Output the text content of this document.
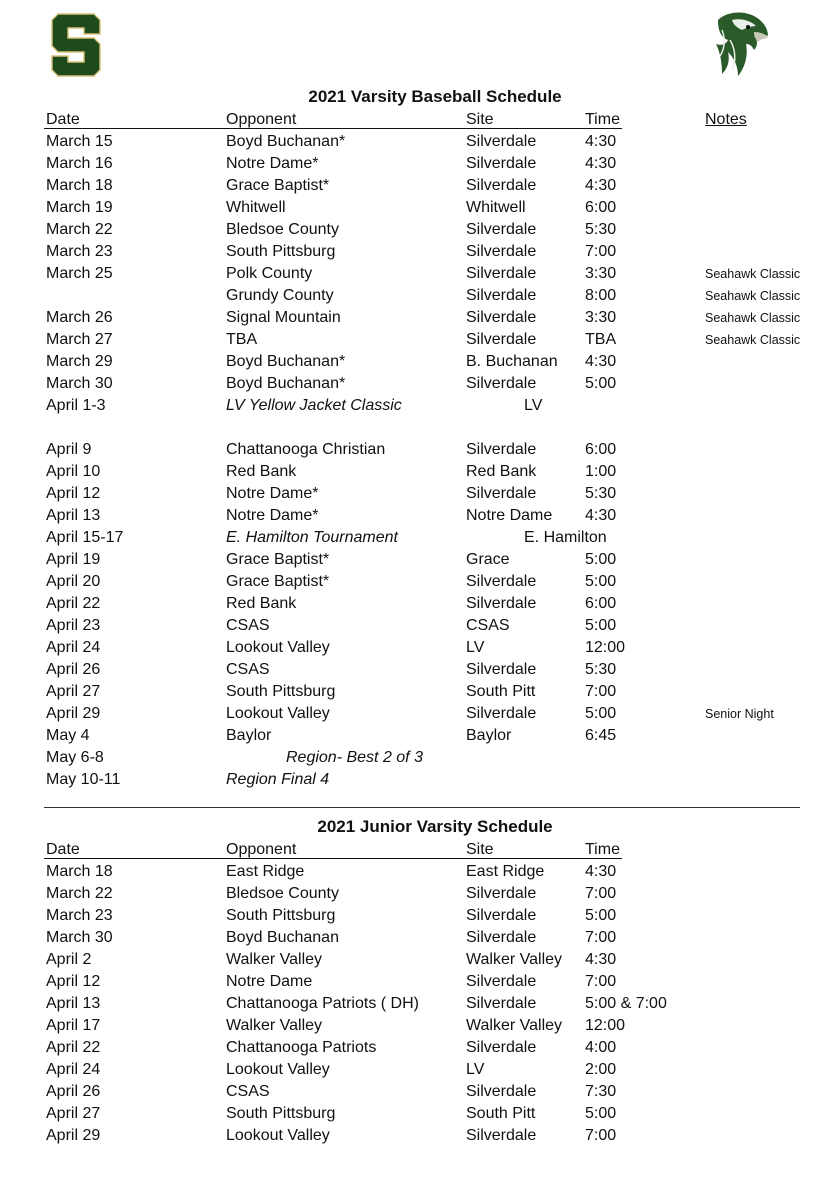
2021 Varsity Baseball Schedule
Date	Opponent	Site	Time	Notes
March 15	Boyd Buchanan*	Silverdale	4:30
March 16	Notre Dame*	Silverdale	4:30
March 18	Grace Baptist*	Silverdale	4:30
March 19	Whitwell	Whitwell	6:00
March 22	Bledsoe County	Silverdale	5:30
March 23	South Pittsburg	Silverdale	7:00
March 25	Polk County	Silverdale	3:30	Seahawk Classic
Grundy County	Silverdale	8:00	Seahawk Classic
March 26	Signal Mountain	Silverdale	3:30	Seahawk Classic
March 27	TBA	Silverdale	TBA	Seahawk Classic
March 29	Boyd Buchanan*	B. Buchanan 4:30
March 30	Boyd Buchanan*	Silverdale	5:00
April 1-3	LV Yellow Jacket Classic	LV
April 9	Chattanooga Christian	Silverdale	6:00
April 10	Red Bank	Red Bank	1:00
April 12	Notre Dame*	Silverdale	5:30
April 13	Notre Dame*	Notre Dame 4:30
April 15-17	E. Hamilton Tournament	E. Hamilton
April 19	Grace Baptist*	Grace	5:00
April 20	Grace Baptist*	Silverdale	5:00
April 22	Red Bank	Silverdale	6:00
April 23	CSAS	CSAS	5:00
April 24	Lookout Valley	LV	12:00
April 26	CSAS	Silverdale	5:30
April 27	South Pittsburg	South Pitt	7:00
April 29	Lookout Valley	Silverdale	5:00	Senior Night
May 4	Baylor	Baylor	6:45
May 6-8	Region- Best 2 of 3
May 10-11	Region Final 4
2021 Junior Varsity Schedule
Date	Opponent	Site	Time
March 18	East Ridge	East Ridge	4:30
March 22	Bledsoe County	Silverdale	7:00
March 23	South Pittsburg	Silverdale	5:00
March 30	Boyd Buchanan	Silverdale	7:00
April 2	Walker Valley	Walker Valley 4:30
April 12	Notre Dame	Silverdale	7:00
April 13	Chattanooga Patriots ( DH)	Silverdale	5:00 & 7:00
April 17	Walker Valley	Walker Valley 12:00
April 22	Chattanooga Patriots	Silverdale	4:00
April 24	Lookout Valley	LV	2:00
April 26	CSAS	Silverdale	7:30
April 27	South Pittsburg	South Pitt	5:00
April 29	Lookout Valley	Silverdale	7:00
